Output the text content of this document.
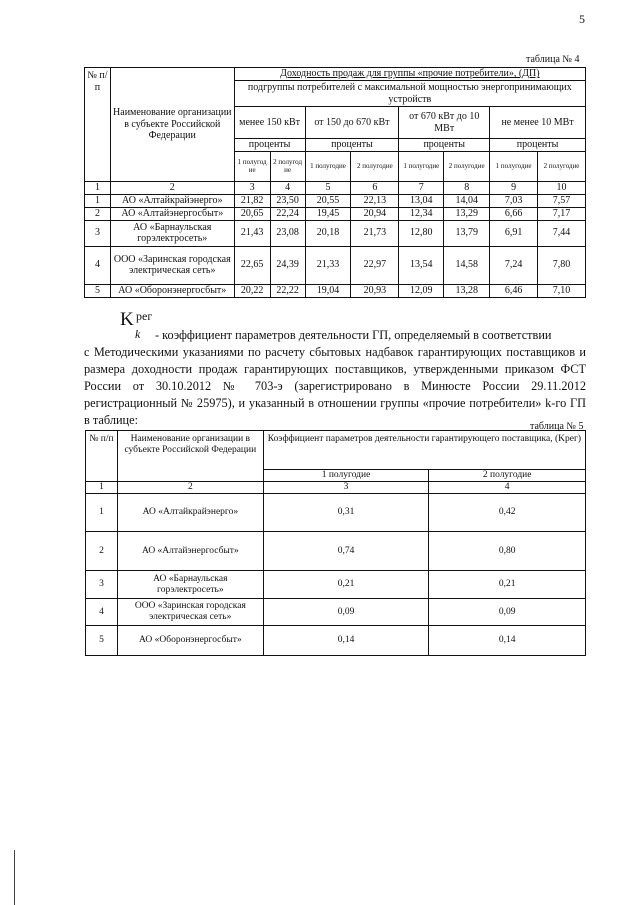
5
таблица № 4
№ п/п	Наименование организации в субъекте Российской Федерации	Доходность продаж для группы «прочие потребители», (ДП)							
		подгруппы потребителей с максимальной мощностью энергопринимающих устройств							
		менее 150 кВт		от 150 до 670 кВт		от 670 кВт до 10 МВт		не менее 10 МВт	
		проценты		проценты		проценты		проценты	
		1 полугод ие	2 полугод ие	1 полугодие	2 полугодие	1 полугодие	2 полугодие	1 полугодие	2 полугодие
1	2	3	4	5	6	7	8	9	10
1	АО «Алтайкрайэнерго»	21,82	23,50	20,55	22,13	13,04	14,04	7,03	7,57
2	АО «Алтайэнергосбыт»	20,65	22,24	19,45	20,94	12,34	13,29	6,66	7,17
3	АО «Барнаульская горэлектросеть»	21,43	23,08	20,18	21,73	12,80	13,79	6,91	7,44
4	ООО «Заринская городская электрическая сеть»	22,65	24,39	21,33	22,97	13,54	14,58	7,24	7,80
5	АО «Оборонэнергосбыт»	20,22	22,22	19,04	20,93	12,09	13,28	6,46	7,10
K рег
k	- коэффициент параметров деятельности ГП, определяемый в соответствии
с Методическими указаниями по расчету сбытовых надбавок гарантирующих поставщиков и размера доходности продаж гарантирующих поставщиков, утвержденными приказом ФСТ России от 30.10.2012 № 703-э (зарегистрировано в Минюсте России 29.11.2012 регистрационный № 25975), и указанный в отношении группы «прочие потребители» k-го ГП в таблице:	таблица № 5
№ п/п	Наименование организации в субъекте Российской Федерации	Коэффициент параметров деятельности гарантирующего поставщика, (Kрег)	
		1 полугодие	2 полугодие
1	2	3	4
1	АО «Алтайкрайэнерго»	0,31	0,42
2	АО «Алтайэнергосбыт»	0,74	0,80
3	АО «Барнаульская горэлектросеть»	0,21	0,21
4	ООО «Заринская городская электрическая сеть»	0,09	0,09
5	АО «Оборонэнергосбыт»	0,14	0,14
